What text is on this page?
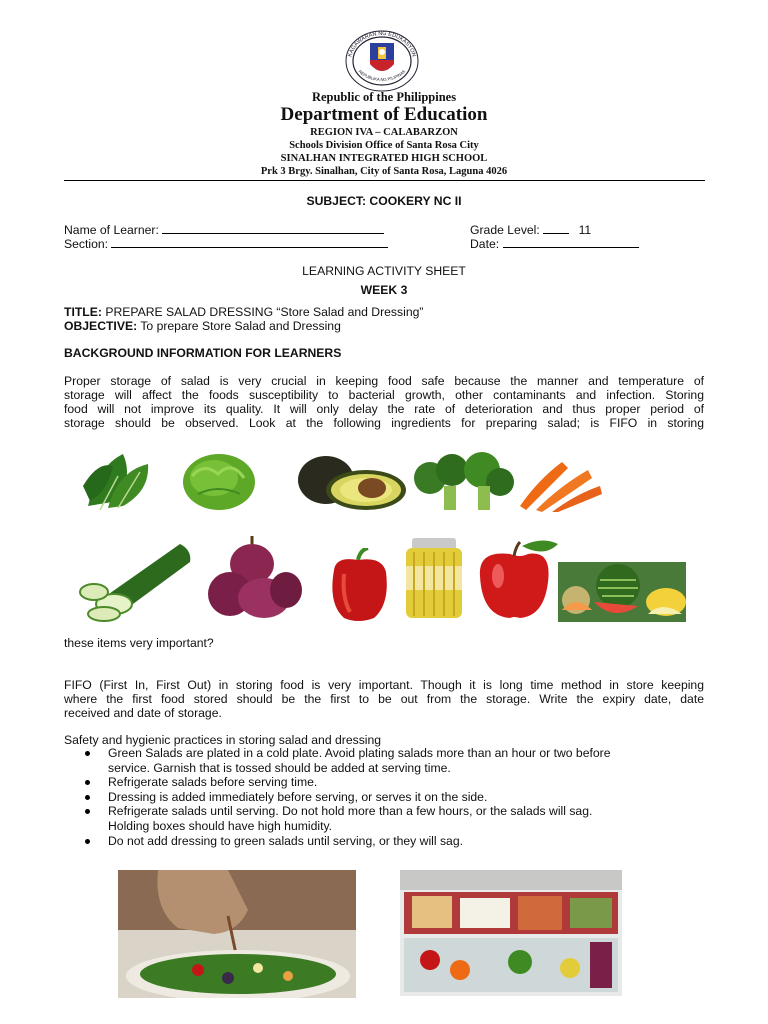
KAGAWARAN NG EDUKASYON
REPUBLIKA NG PILIPINAS
Republic of the Philippines
Department of Education
REGION IVA – CALABARZON
Schools Division Office of Santa Rosa City
SINALHAN INTEGRATED HIGH SCHOOL
Prk 3 Brgy. Sinalhan, City of Santa Rosa, Laguna 4026
SUBJECT: COOKERY NC II
Name of Learner:
Section:
Grade Level:	11
Date:
LEARNING ACTIVITY SHEET
WEEK 3
TITLE: PREPARE SALAD DRESSING “Store Salad and Dressing”
OBJECTIVE: To prepare Store Salad and Dressing
BACKGROUND INFORMATION FOR LEARNERS
Proper storage of salad is very crucial in keeping food safe because the manner and temperature of
storage will affect the foods susceptibility to bacterial growth, other contaminants and infection. Storing
food will not improve its quality. It will only delay the rate of deterioration and thus proper period of
storage should be observed. Look at the following ingredients for preparing salad; is FIFO in storing
these items very important?
FIFO (First In, First Out) in storing food is very important. Though it is long time method in store keeping
where the first food stored should be the first to be out from the storage. Write the expiry date, date
received and date of storage.
Safety and hygienic practices in storing salad and dressing
Green Salads are plated in a cold plate. Avoid plating salads more than an hour or two before
service. Garnish that is tossed should be added at serving time.
Refrigerate salads before serving time.
Dressing is added immediately before serving, or serves it on the side.
Refrigerate salads until serving. Do not hold more than a few hours, or the salads will sag.
Holding boxes should have high humidity.
Do not add dressing to green salads until serving, or they will sag.
